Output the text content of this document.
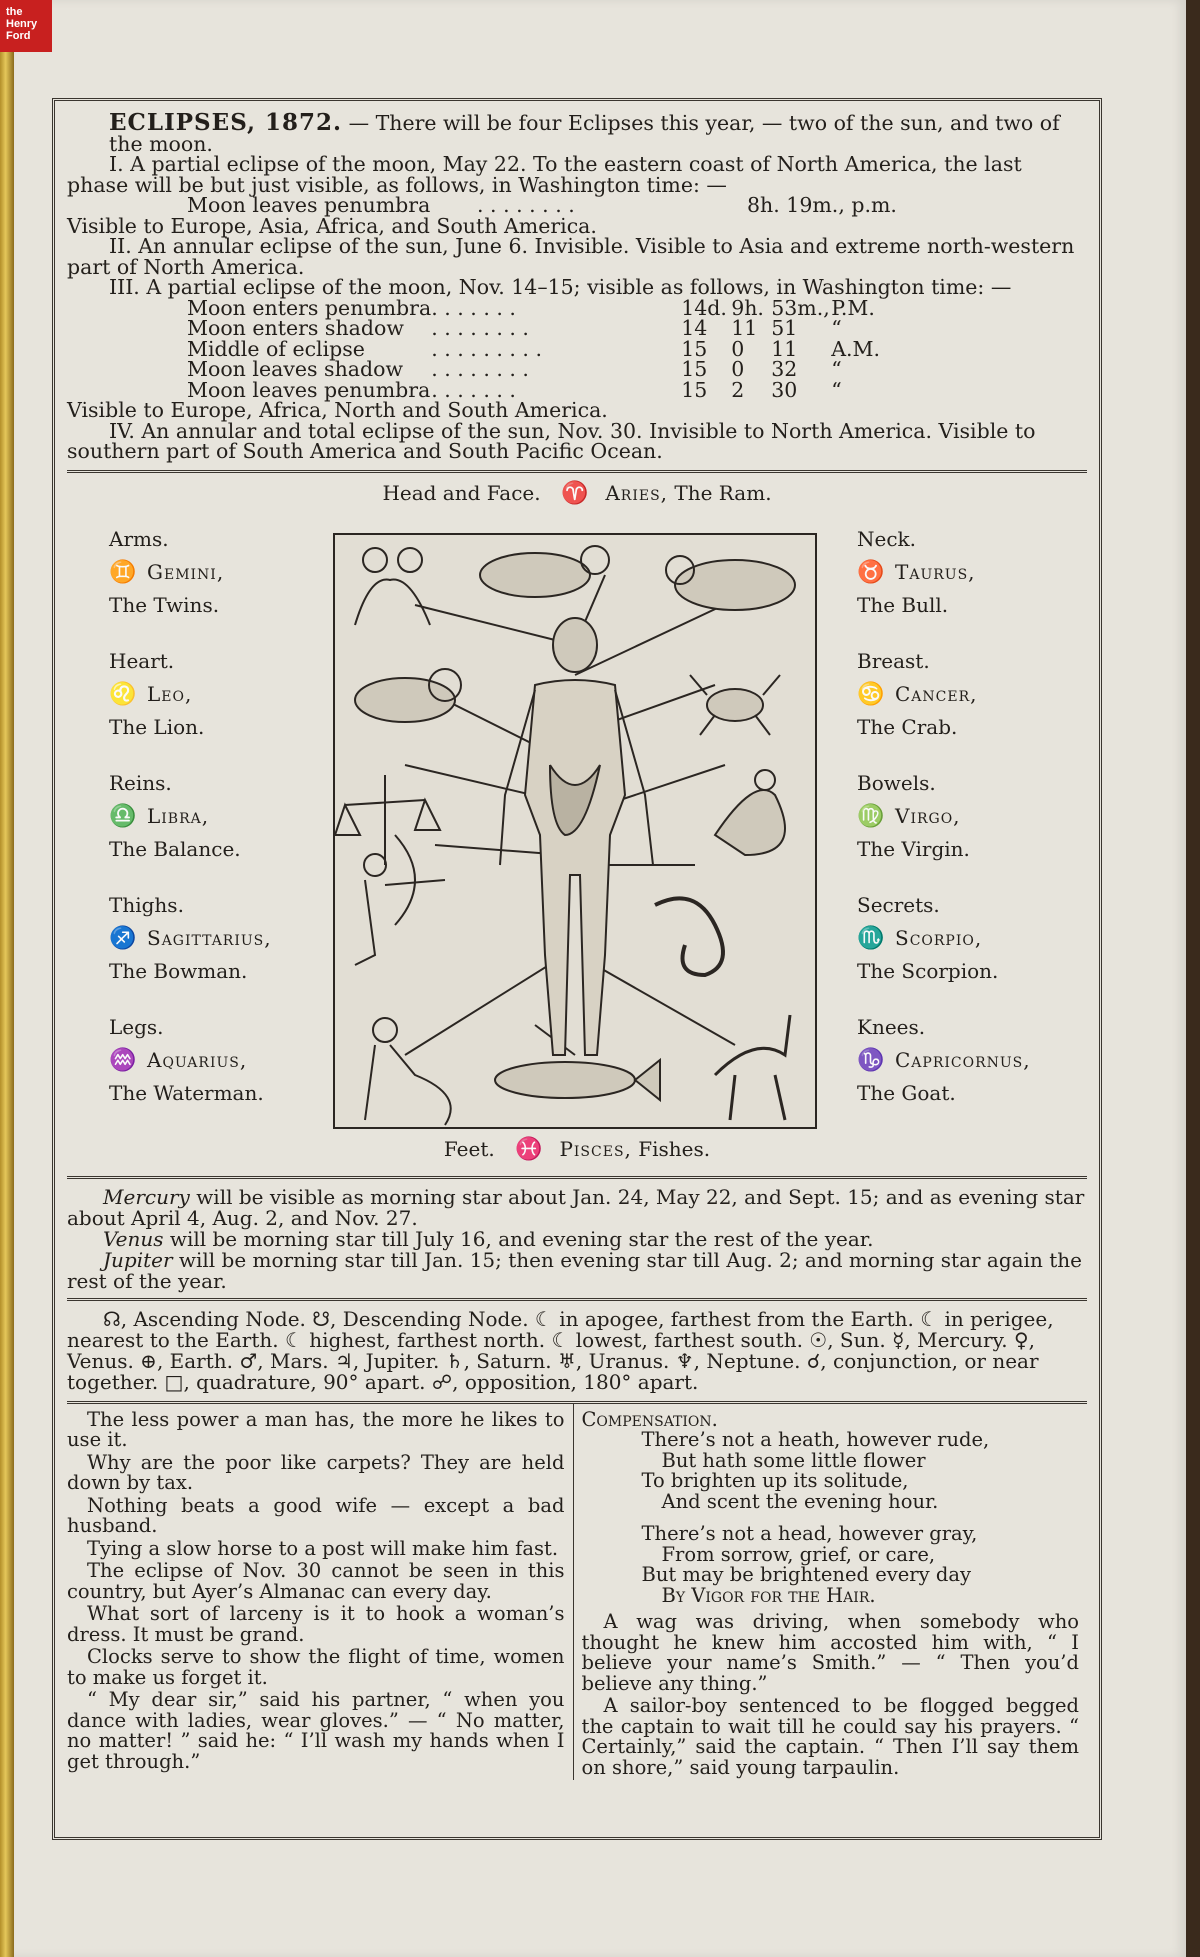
the
Henry
Ford

ECLIPSES, 1872. — There will be four Eclipses this year, — two of the sun, and two of the moon.

I. A partial eclipse of the moon, May 22. To the eastern coast of North America, the last phase will be but just visible, as follows, in Washington time: —

Moon leaves penumbra	. . . . . . . .	8h. 19m., p.m.

Visible to Europe, Asia, Africa, and South America.

II. An annular eclipse of the sun, June 6. Invisible. Visible to Asia and extreme north-western part of North America.

III. A partial eclipse of the moon, Nov. 14–15; visible as follows, in Washington time: —

Moon enters penumbra	. . . . . . .	14d.	9h.	53m.,	P.M.
Moon enters shadow	. . . . . . . .	14	11	51	“
Middle of eclipse	. . . . . . . . .	15	0	11	A.M.
Moon leaves shadow	. . . . . . . .	15	0	32	“
Moon leaves penumbra	. . . . . . .	15	2	30	“

Visible to Europe, Africa, North and South America.

IV. An annular and total eclipse of the sun, Nov. 30. Invisible to North America. Visible to southern part of South America and South Pacific Ocean.

Head and Face. ♈ Aries, The Ram.
Arms.
♊ Gemini,
The Twins.
Heart.
♌ Leo,
The Lion.
Reins.
♎ Libra,
The Balance.
Thighs.
♐ Sagittarius,
The Bowman.
Legs.
♒ Aquarius,
The Waterman.
Neck.
♉ Taurus,
The Bull.
Breast.
♋ Cancer,
The Crab.
Bowels.
♍ Virgo,
The Virgin.
Secrets.
♏ Scorpio,
The Scorpion.
Knees.
♑ Capricornus,
The Goat.
Feet. ♓ Pisces, Fishes.

Mercury will be visible as morning star about Jan. 24, May 22, and Sept. 15; and as evening star about April 4, Aug. 2, and Nov. 27.

Venus will be morning star till July 16, and evening star the rest of the year.

Jupiter will be morning star till Jan. 15; then evening star till Aug. 2; and morning star again the rest of the year.

☊, Ascending Node. ☋, Descending Node. ☾ in apogee, farthest from the Earth. ☾ in perigee, nearest to the Earth. ☾ highest, farthest north. ☾ lowest, farthest south. ☉, Sun. ☿, Mercury. ♀, Venus. ⊕, Earth. ♂, Mars. ♃, Jupiter. ♄, Saturn. ♅, Uranus. ♆, Neptune. ☌, conjunction, or near together. □, quadrature, 90° apart. ☍, opposition, 180° apart.

The less power a man has, the more he likes to use it.

Why are the poor like carpets? They are held down by tax.

Nothing beats a good wife — except a bad husband.

Tying a slow horse to a post will make him fast.

The eclipse of Nov. 30 cannot be seen in this country, but Ayer’s Almanac can every day.

What sort of larceny is it to hook a woman’s dress. It must be grand.

Clocks serve to show the flight of time, women to make us forget it.

“ My dear sir,” said his partner, “ when you dance with ladies, wear gloves.” — “ No matter, no matter! ” said he: “ I’ll wash my hands when I get through.”

Compensation.

There’s not a heath, however rude,

But hath some little flower

To brighten up its solitude,

And scent the evening hour.

There’s not a head, however gray,

From sorrow, grief, or care,

But may be brightened every day

By Vigor for the Hair.

A wag was driving, when somebody who thought he knew him accosted him with, “ I believe your name’s Smith.” — “ Then you’d believe any thing.”

A sailor-boy sentenced to be flogged begged the captain to wait till he could say his prayers. “ Certainly,” said the captain. “ Then I’ll say them on shore,” said young tarpaulin.
